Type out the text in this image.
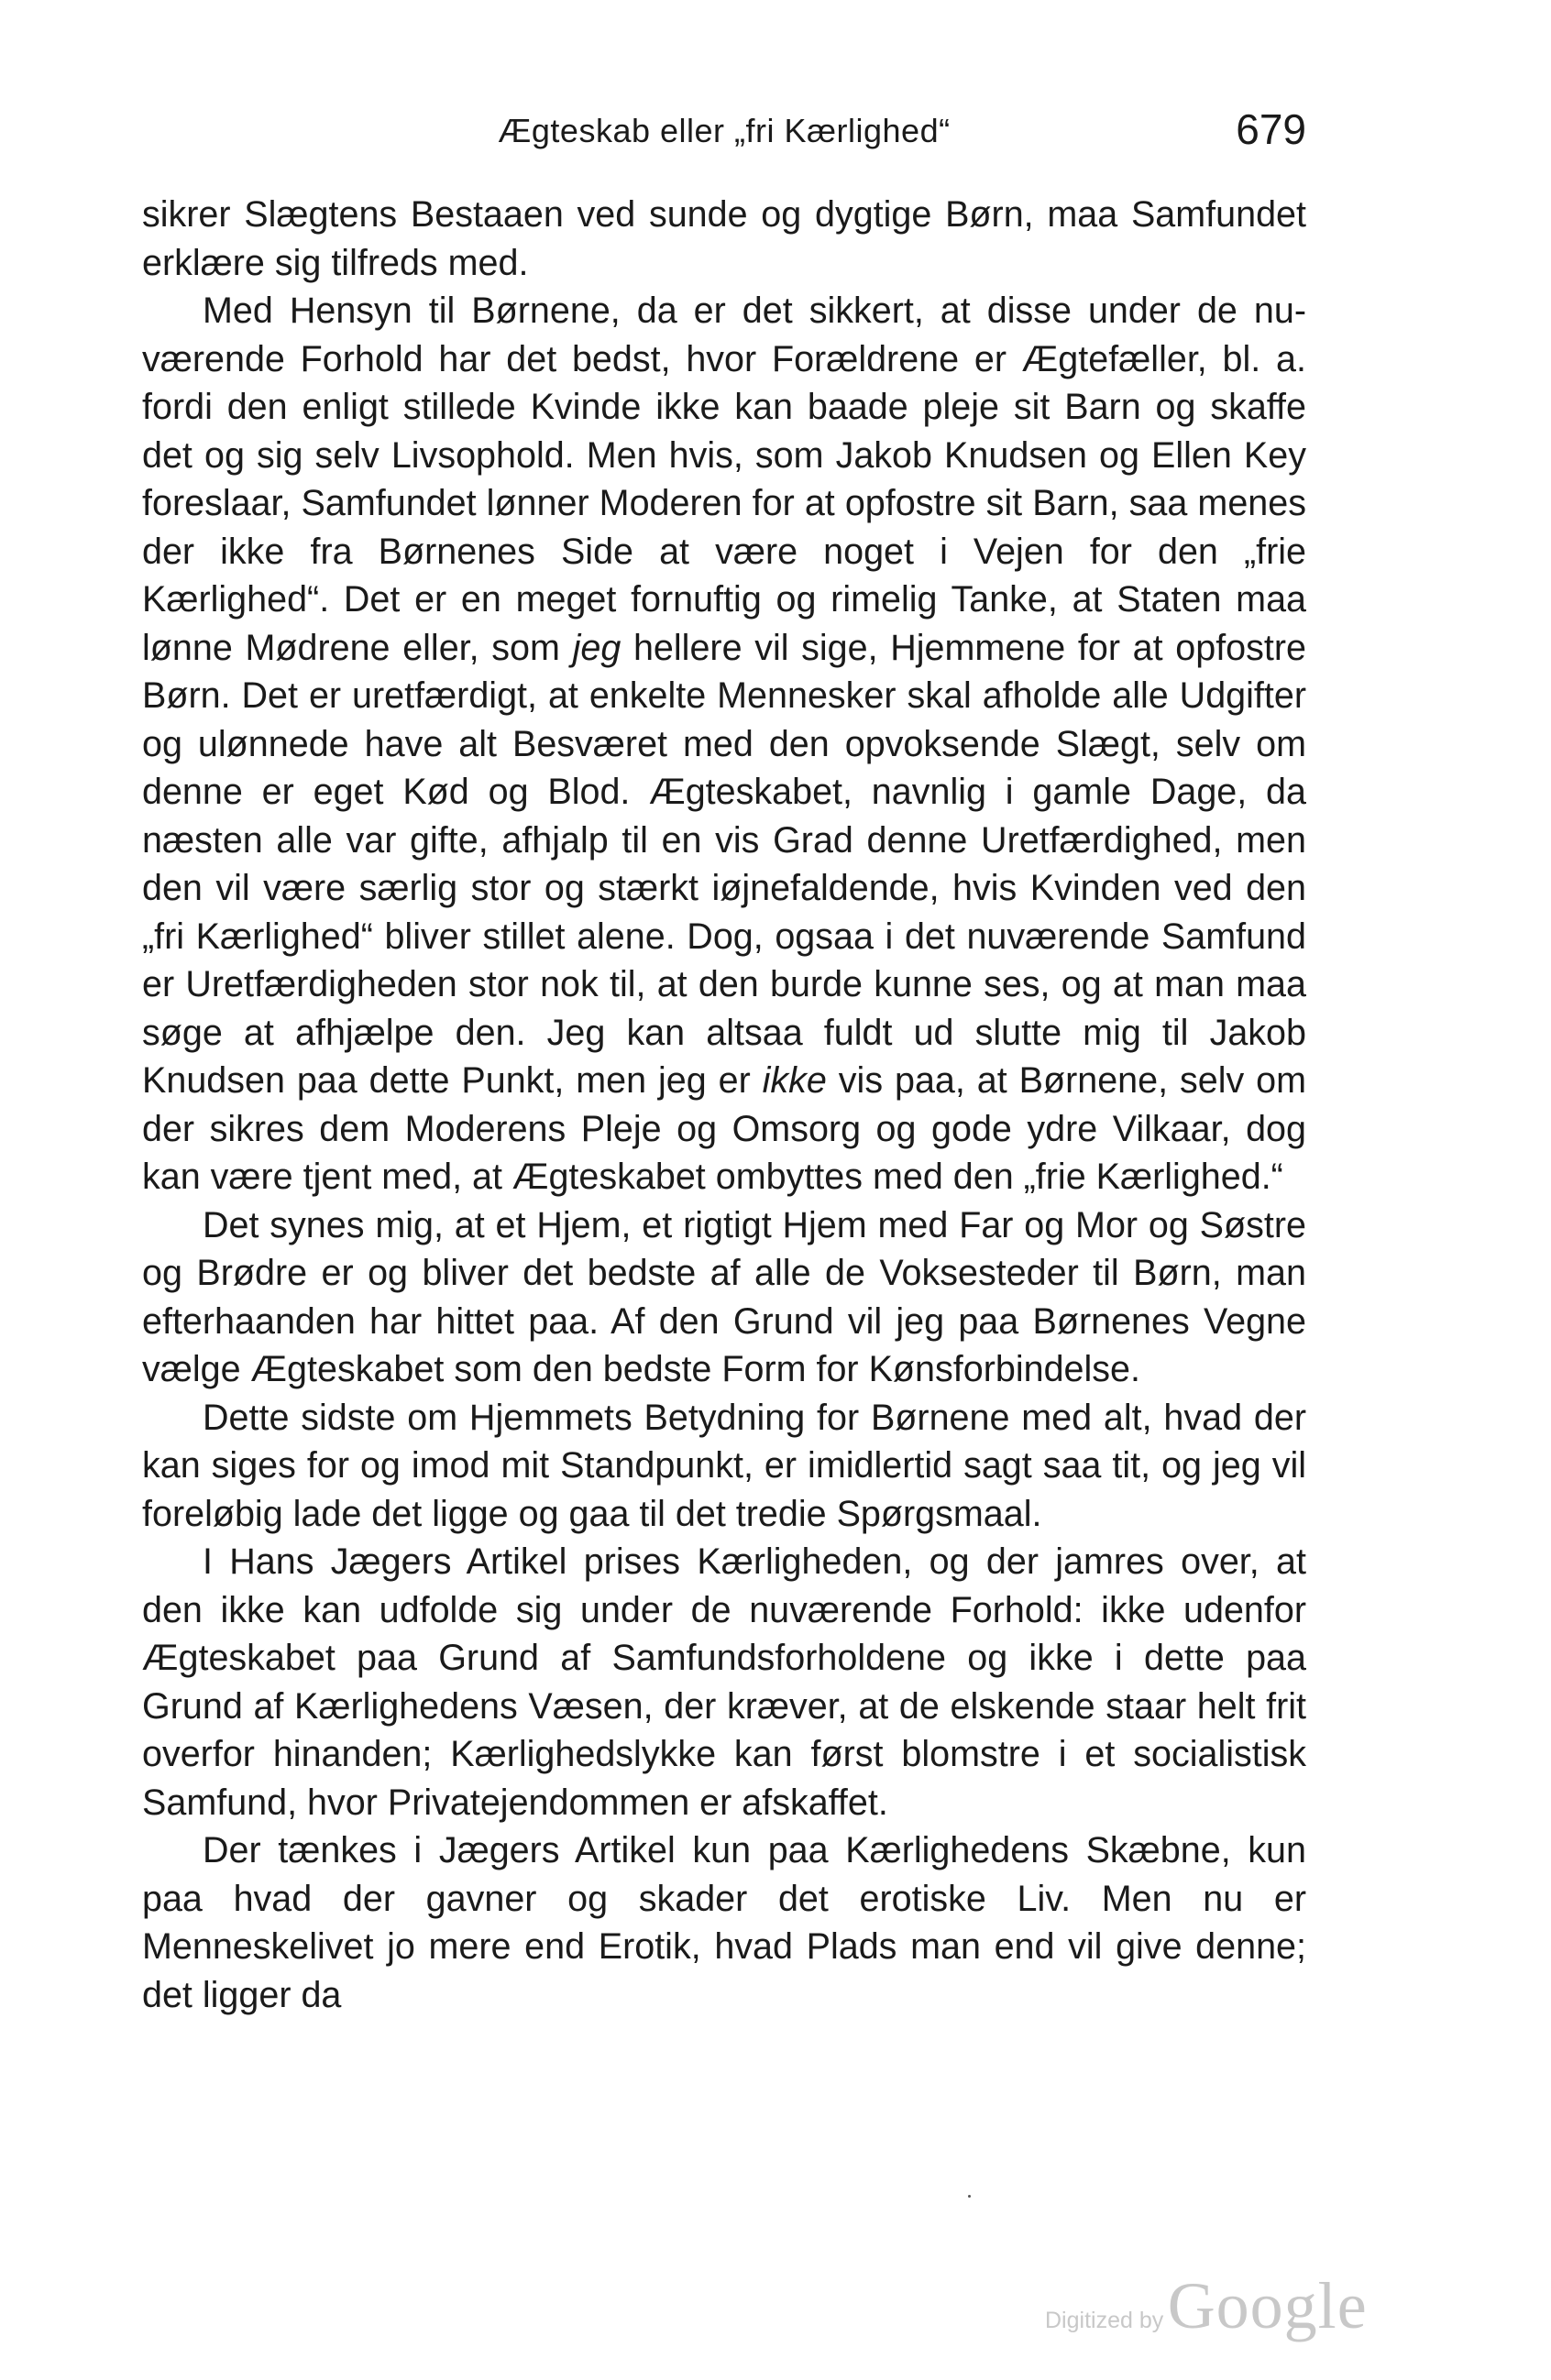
Ægteskab eller „fri Kærlighed“	679

sikrer Slægtens Bestaaen ved sunde og dygtige Børn, maa Samfundet erklære sig tilfreds med.

Med Hensyn til Børnene, da er det sikkert, at disse under de nuværende Forhold har det bedst, hvor Forældrene er Ægtefæller, bl. a. fordi den enligt stillede Kvinde ikke kan baade pleje sit Barn og skaffe det og sig selv Livsophold. Men hvis, som Jakob Knudsen og Ellen Key foreslaar, Samfundet lønner Moderen for at opfostre sit Barn, saa menes der ikke fra Børnenes Side at være noget i Vejen for den „frie Kærlighed“. Det er en meget fornuftig og rimelig Tanke, at Staten maa lønne Mødrene eller, som jeg hellere vil sige, Hjemmene for at opfostre Børn. Det er uretfærdigt, at enkelte Mennesker skal afholde alle Udgifter og ulønnede have alt Besværet med den opvoksende Slægt, selv om denne er eget Kød og Blod. Ægteskabet, navnlig i gamle Dage, da næsten alle var gifte, afhjalp til en vis Grad denne Uretfærdighed, men den vil være særlig stor og stærkt iøjnefaldende, hvis Kvinden ved den „fri Kærlighed“ bliver stillet alene. Dog, ogsaa i det nuværende Samfund er Uretfærdigheden stor nok til, at den burde kunne ses, og at man maa søge at afhjælpe den. Jeg kan altsaa fuldt ud slutte mig til Jakob Knudsen paa dette Punkt, men jeg er ikke vis paa, at Børnene, selv om der sikres dem Moderens Pleje og Omsorg og gode ydre Vilkaar, dog kan være tjent med, at Ægteskabet ombyttes med den „frie Kærlighed.“

Det synes mig, at et Hjem, et rigtigt Hjem med Far og Mor og Søstre og Brødre er og bliver det bedste af alle de Voksesteder til Børn, man efterhaanden har hittet paa. Af den Grund vil jeg paa Børnenes Vegne vælge Ægteskabet som den bedste Form for Kønsforbindelse.

Dette sidste om Hjemmets Betydning for Børnene med alt, hvad der kan siges for og imod mit Standpunkt, er imidlertid sagt saa tit, og jeg vil foreløbig lade det ligge og gaa til det tredie Spørgsmaal.

I Hans Jægers Artikel prises Kærligheden, og der jamres over, at den ikke kan udfolde sig under de nuværende Forhold: ikke udenfor Ægteskabet paa Grund af Samfundsforholdene og ikke i dette paa Grund af Kærlighedens Væsen, der kræver, at de elskende staar helt frit overfor hinanden; Kærlighedslykke kan først blomstre i et socialistisk Samfund, hvor Privatejendommen er afskaffet.

Der tænkes i Jægers Artikel kun paa Kærlighedens Skæbne, kun paa hvad der gavner og skader det erotiske Liv. Men nu er Menneskelivet jo mere end Erotik, hvad Plads man end vil give denne; det ligger da

Digitized by Google
